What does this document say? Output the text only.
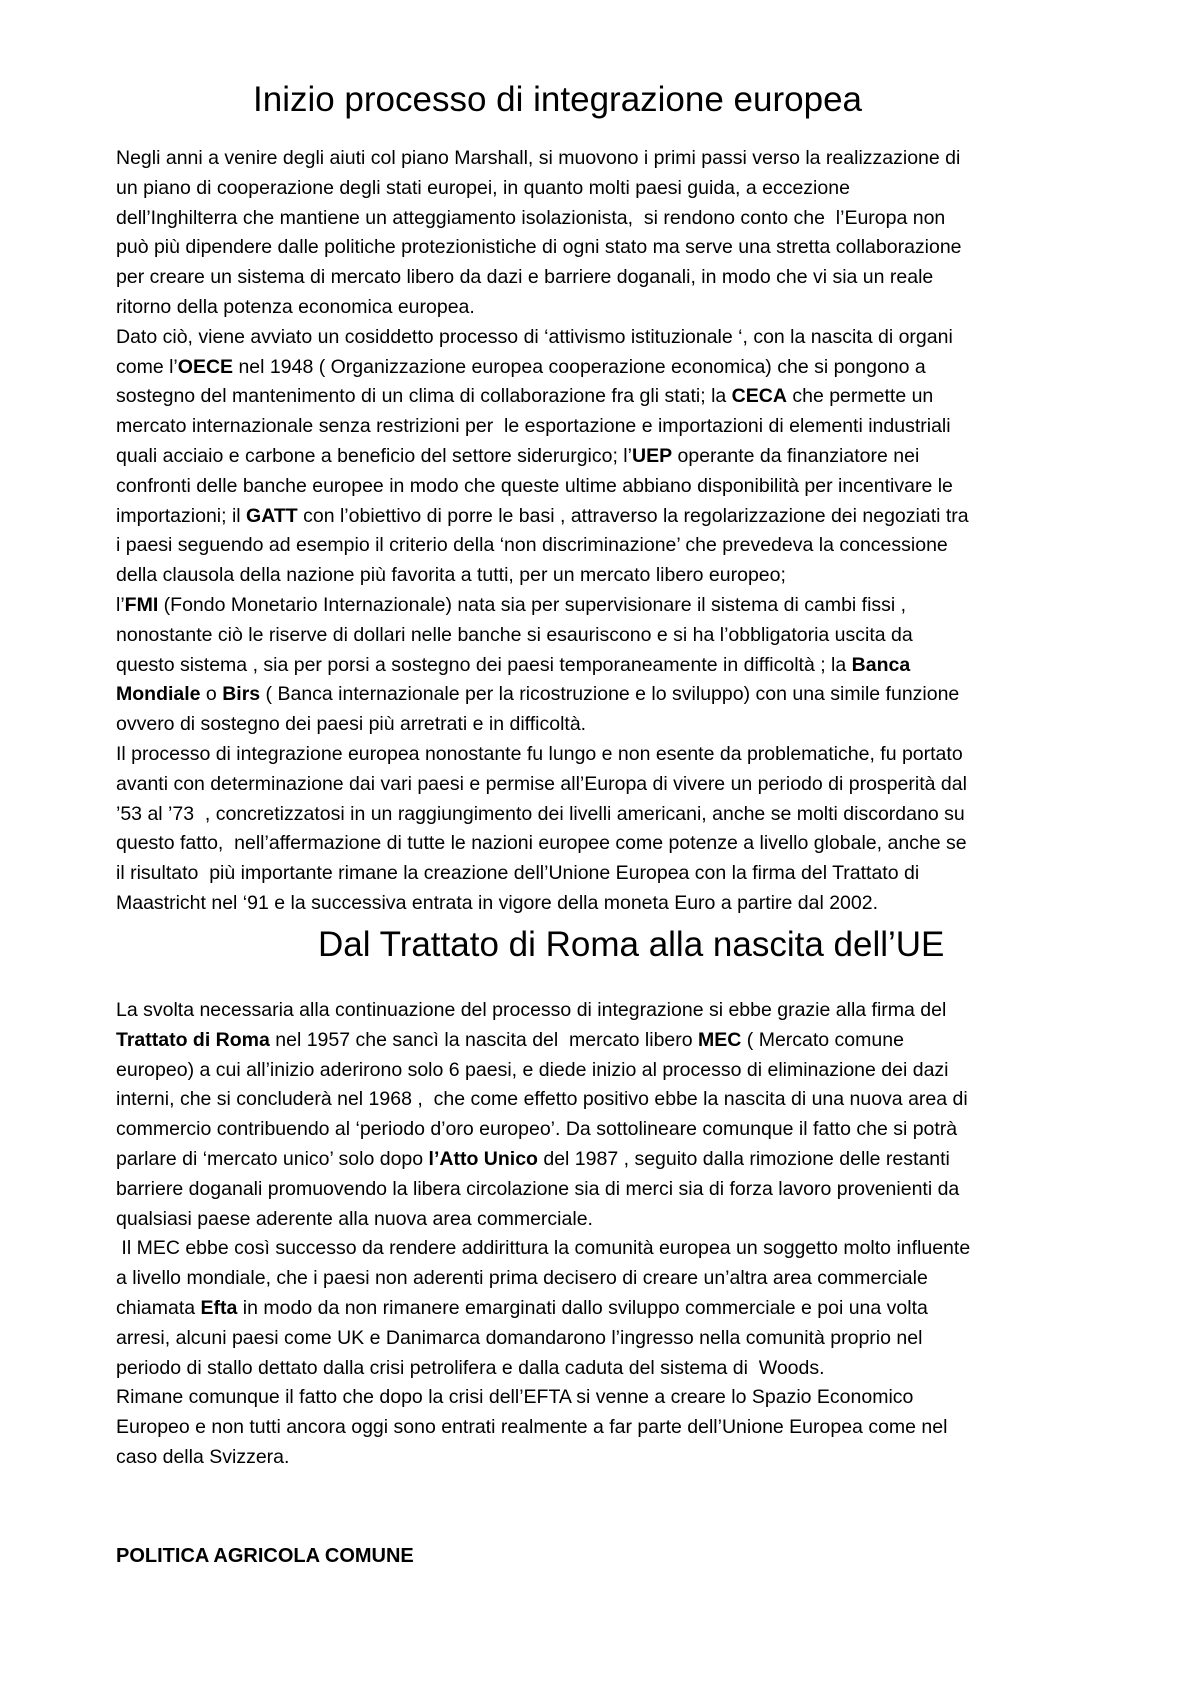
Inizio processo di integrazione europea
Negli anni a venire degli aiuti col piano Marshall, si muovono i primi passi verso la realizzazione di
un piano di cooperazione degli stati europei, in quanto molti paesi guida, a eccezione
dell’Inghilterra che mantiene un atteggiamento isolazionista,  si rendono conto che  l’Europa non
può più dipendere dalle politiche protezionistiche di ogni stato ma serve una stretta collaborazione
per creare un sistema di mercato libero da dazi e barriere doganali, in modo che vi sia un reale
ritorno della potenza economica europea.
Dato ciò, viene avviato un cosiddetto processo di ‘attivismo istituzionale ‘, con la nascita di organi
come l’OECE nel 1948 ( Organizzazione europea cooperazione economica) che si pongono a
sostegno del mantenimento di un clima di collaborazione fra gli stati; la CECA che permette un
mercato internazionale senza restrizioni per  le esportazione e importazioni di elementi industriali
quali acciaio e carbone a beneficio del settore siderurgico; l’UEP operante da finanziatore nei
confronti delle banche europee in modo che queste ultime abbiano disponibilità per incentivare le
importazioni; il GATT con l’obiettivo di porre le basi , attraverso la regolarizzazione dei negoziati tra
i paesi seguendo ad esempio il criterio della ‘non discriminazione’ che prevedeva la concessione
della clausola della nazione più favorita a tutti, per un mercato libero europeo;
l’FMI (Fondo Monetario Internazionale) nata sia per supervisionare il sistema di cambi fissi ,
nonostante ciò le riserve di dollari nelle banche si esauriscono e si ha l’obbligatoria uscita da
questo sistema , sia per porsi a sostegno dei paesi temporaneamente in difficoltà ; la Banca
Mondiale o Birs ( Banca internazionale per la ricostruzione e lo sviluppo) con una simile funzione
ovvero di sostegno dei paesi più arretrati e in difficoltà.
Il processo di integrazione europea nonostante fu lungo e non esente da problematiche, fu portato
avanti con determinazione dai vari paesi e permise all’Europa di vivere un periodo di prosperità dal
’53 al ’73  , concretizzatosi in un raggiungimento dei livelli americani, anche se molti discordano su
questo fatto,  nell’affermazione di tutte le nazioni europee come potenze a livello globale, anche se
il risultato  più importante rimane la creazione dell’Unione Europea con la firma del Trattato di
Maastricht nel ‘91 e la successiva entrata in vigore della moneta Euro a partire dal 2002.
Dal Trattato di Roma alla nascita dell’UE
La svolta necessaria alla continuazione del processo di integrazione si ebbe grazie alla firma del
Trattato di Roma nel 1957 che sancì la nascita del  mercato libero MEC ( Mercato comune
europeo) a cui all’inizio aderirono solo 6 paesi, e diede inizio al processo di eliminazione dei dazi
interni, che si concluderà nel 1968 ,  che come effetto positivo ebbe la nascita di una nuova area di
commercio contribuendo al ‘periodo d’oro europeo’. Da sottolineare comunque il fatto che si potrà
parlare di ‘mercato unico’ solo dopo l’Atto Unico del 1987 , seguito dalla rimozione delle restanti
barriere doganali promuovendo la libera circolazione sia di merci sia di forza lavoro provenienti da
qualsiasi paese aderente alla nuova area commerciale.
Il MEC ebbe così successo da rendere addirittura la comunità europea un soggetto molto influente
a livello mondiale, che i paesi non aderenti prima decisero di creare un’altra area commerciale
chiamata Efta in modo da non rimanere emarginati dallo sviluppo commerciale e poi una volta
arresi, alcuni paesi come UK e Danimarca domandarono l’ingresso nella comunità proprio nel
periodo di stallo dettato dalla crisi petrolifera e dalla caduta del sistema di  Woods.
Rimane comunque il fatto che dopo la crisi dell’EFTA si venne a creare lo Spazio Economico
Europeo e non tutti ancora oggi sono entrati realmente a far parte dell’Unione Europea come nel
caso della Svizzera.
POLITICA AGRICOLA COMUNE
